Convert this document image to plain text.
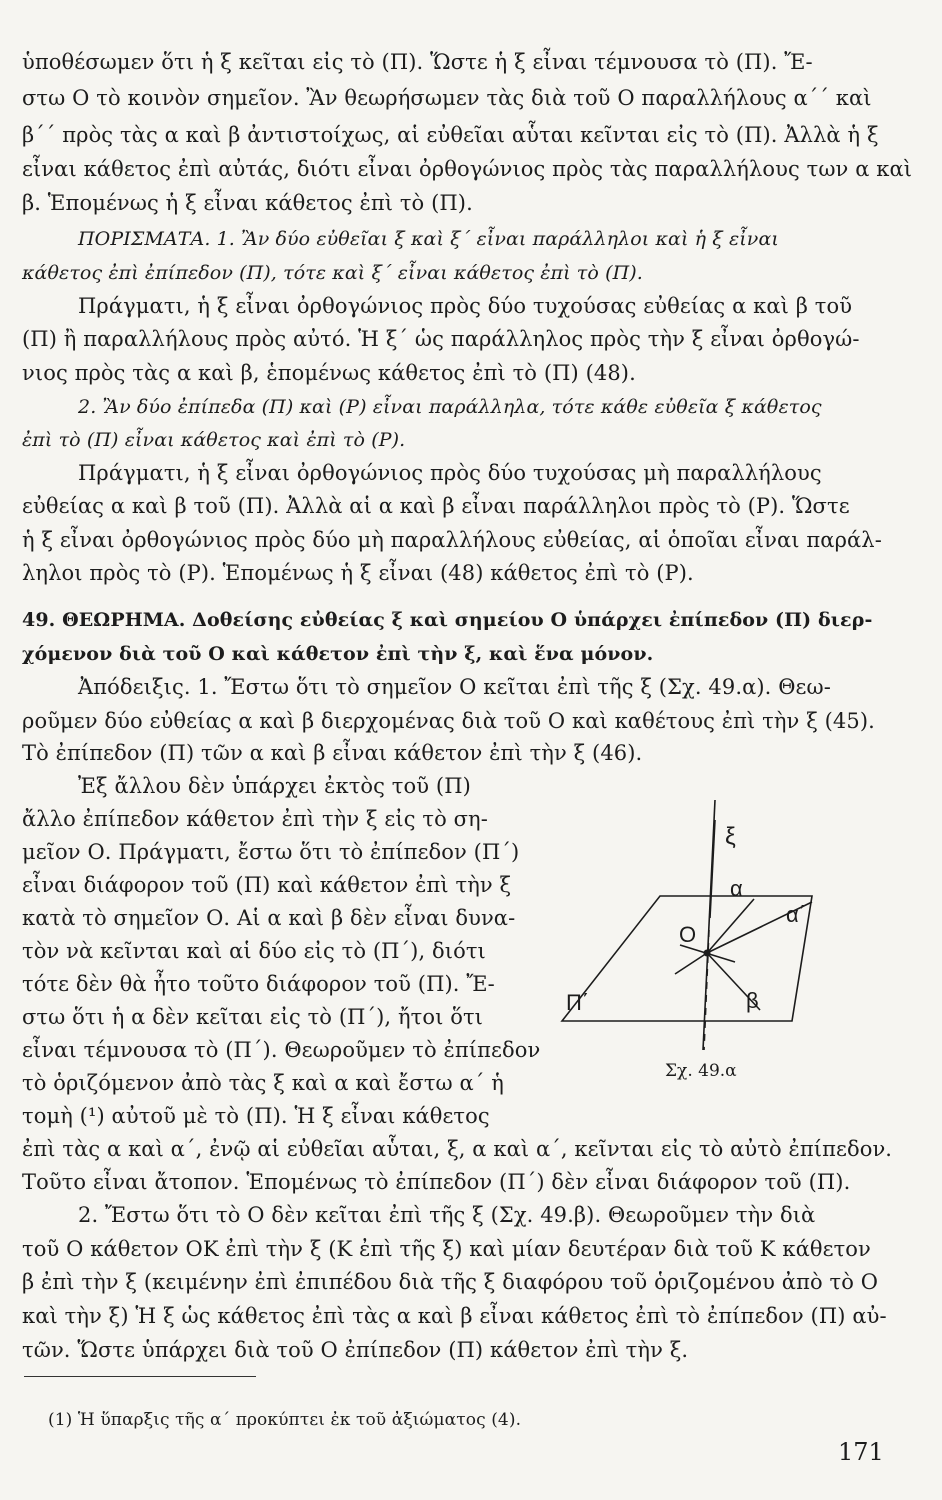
ὑποθέσωμεν ὅτι ἡ ξ κεῖται εἰς τὸ (Π). Ὥστε ἡ ξ εἶναι τέμνουσα τὸ (Π). Ἔ-
στω Ο τὸ κοινὸν σημεῖον. Ἂν θεωρήσωμεν τὰς διὰ τοῦ Ο παραλλήλους α΄΄ καὶ
β΄΄ πρὸς τὰς α καὶ β ἀντιστοίχως, αἱ εὐθεῖαι αὗται κεῖνται εἰς τὸ (Π). Ἀλλὰ ἡ ξ
εἶναι κάθετος ἐπὶ αὐτάς, διότι εἶναι ὀρθογώνιος πρὸς τὰς παραλλήλους των α καὶ
β. Ἑπομένως ἡ ξ εἶναι κάθετος ἐπὶ τὸ (Π).
ΠΟΡΙΣΜΑΤΑ. 1. Ἂν δύο εὐθεῖαι ξ καὶ ξ΄ εἶναι παράλληλοι καὶ ἡ ξ εἶναι
κάθετος ἐπὶ ἐπίπεδον (Π), τότε καὶ ξ΄ εἶναι κάθετος ἐπὶ τὸ (Π).
Πράγματι, ἡ ξ εἶναι ὀρθογώνιος πρὸς δύο τυχούσας εὐθείας α καὶ β τοῦ
(Π) ἢ παραλλήλους πρὸς αὐτό. Ἡ ξ΄ ὡς παράλληλος πρὸς τὴν ξ εἶναι ὀρθογώ-
νιος πρὸς τὰς α καὶ β, ἑπομένως κάθετος ἐπὶ τὸ (Π) (48).
2. Ἂν δύο ἐπίπεδα (Π) καὶ (Ρ) εἶναι παράλληλα, τότε κάθε εὐθεῖα ξ κάθετος
ἐπὶ τὸ (Π) εἶναι κάθετος καὶ ἐπὶ τὸ (Ρ).
Πράγματι, ἡ ξ εἶναι ὀρθογώνιος πρὸς δύο τυχούσας μὴ παραλλήλους
εὐθείας α καὶ β τοῦ (Π). Ἀλλὰ αἱ α καὶ β εἶναι παράλληλοι πρὸς τὸ (Ρ). Ὥστε
ἡ ξ εἶναι ὀρθογώνιος πρὸς δύο μὴ παραλλήλους εὐθείας, αἱ ὁποῖαι εἶναι παράλ-
ληλοι πρὸς τὸ (Ρ). Ἑπομένως ἡ ξ εἶναι (48) κάθετος ἐπὶ τὸ (Ρ).
49. ΘΕΩΡΗΜΑ. Δοθείσης εὐθείας ξ καὶ σημείου Ο ὑπάρχει ἐπίπεδον (Π) διερ-
χόμενον διὰ τοῦ Ο καὶ κάθετον ἐπὶ τὴν ξ, καὶ ἕνα μόνον.
Ἀπόδειξις. 1. Ἔστω ὅτι τὸ σημεῖον Ο κεῖται ἐπὶ τῆς ξ (Σχ. 49.α). Θεω-
ροῦμεν δύο εὐθείας α καὶ β διερχομένας διὰ τοῦ Ο καὶ καθέτους ἐπὶ τὴν ξ (45).
Τὸ ἐπίπεδον (Π) τῶν α καὶ β εἶναι κάθετον ἐπὶ τὴν ξ (46).
Ἐξ ἄλλου δὲν ὑπάρχει ἐκτὸς τοῦ (Π)
ἄλλο ἐπίπεδον κάθετον ἐπὶ τὴν ξ εἰς τὸ ση-
μεῖον Ο. Πράγματι, ἔστω ὅτι τὸ ἐπίπεδον (Π΄)
εἶναι διάφορον τοῦ (Π) καὶ κάθετον ἐπὶ τὴν ξ
κατὰ τὸ σημεῖον Ο. Αἱ α καὶ β δὲν εἶναι δυνα-
τὸν νὰ κεῖνται καὶ αἱ δύο εἰς τὸ (Π΄), διότι
τότε δὲν θὰ ἦτο τοῦτο διάφορον τοῦ (Π). Ἔ-
στω ὅτι ἡ α δὲν κεῖται εἰς τὸ (Π΄), ἤτοι ὅτι
εἶναι τέμνουσα τὸ (Π΄). Θεωροῦμεν τὸ ἐπίπεδον
τὸ ὁριζόμενον ἀπὸ τὰς ξ καὶ α καὶ ἔστω α΄ ἡ
τομὴ (¹) αὐτοῦ μὲ τὸ (Π). Ἡ ξ εἶναι κάθετος
ἐπὶ τὰς α καὶ α΄, ἐνῷ αἱ εὐθεῖαι αὗται, ξ, α καὶ α΄, κεῖνται εἰς τὸ αὐτὸ ἐπίπεδον.
Τοῦτο εἶναι ἄτοπον. Ἑπομένως τὸ ἐπίπεδον (Π΄) δὲν εἶναι διάφορον τοῦ (Π).
2. Ἔστω ὅτι τὸ Ο δὲν κεῖται ἐπὶ τῆς ξ (Σχ. 49.β). Θεωροῦμεν τὴν διὰ
τοῦ Ο κάθετον ΟΚ ἐπὶ τὴν ξ (Κ ἐπὶ τῆς ξ) καὶ μίαν δευτέραν διὰ τοῦ Κ κάθετον
β ἐπὶ τὴν ξ (κειμένην ἐπὶ ἐπιπέδου διὰ τῆς ξ διαφόρου τοῦ ὁριζομένου ἀπὸ τὸ Ο
καὶ τὴν ξ) Ἡ ξ ὡς κάθετος ἐπὶ τὰς α καὶ β εἶναι κάθετος ἐπὶ τὸ ἐπίπεδον (Π) αὐ-
τῶν. Ὥστε ὑπάρχει διὰ τοῦ Ο ἐπίπεδον (Π) κάθετον ἐπὶ τὴν ξ.
(1) Ἡ ὕπαρξις τῆς α΄ προκύπτει ἐκ τοῦ ἀξιώματος (4).
171
ξ
α
α΄
Ο
Π΄	β
Σχ. 49.α
